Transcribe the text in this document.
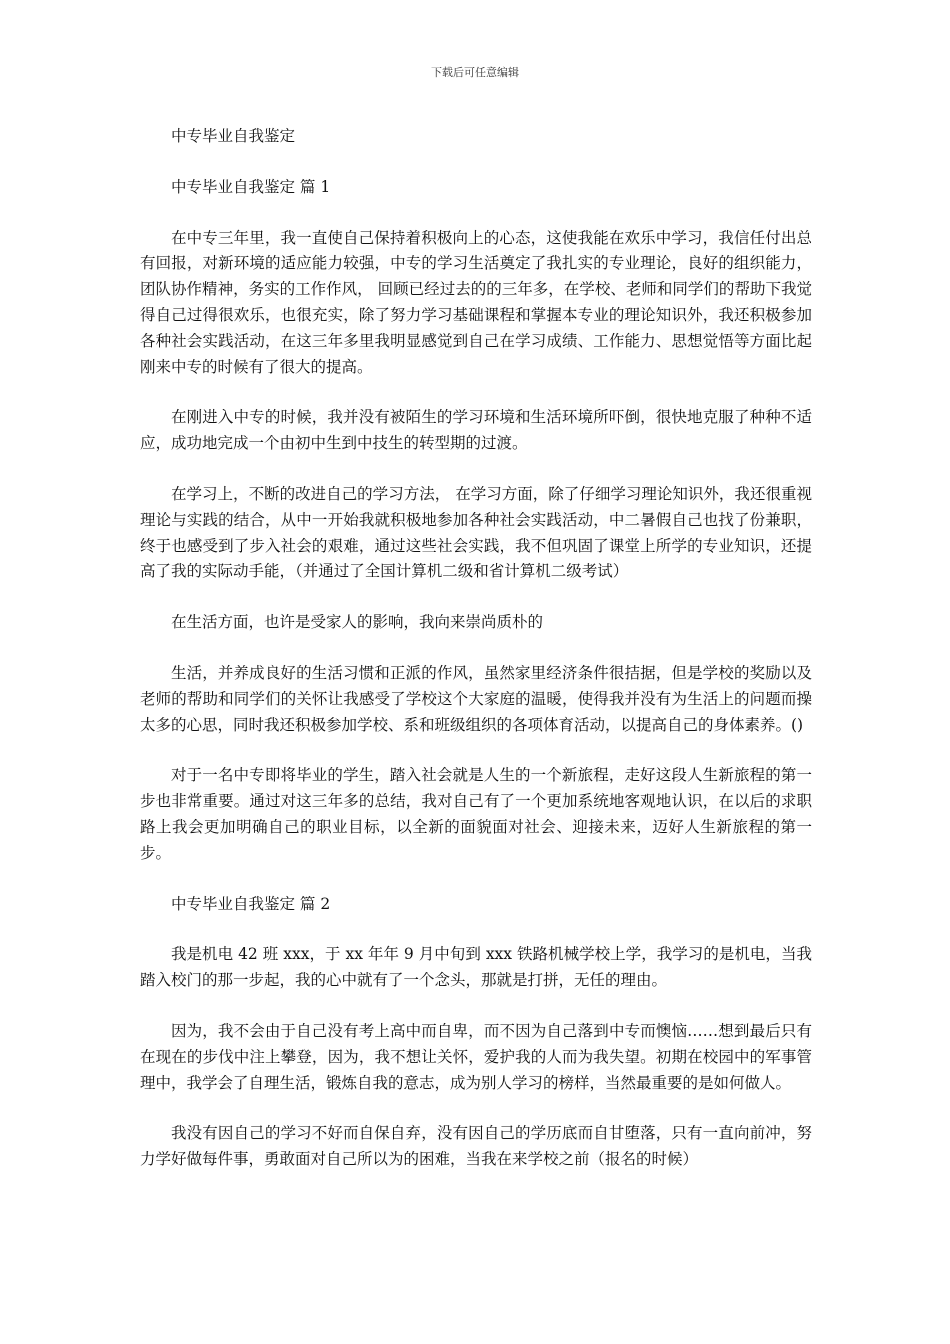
下载后可任意编辑

中专毕业自我鉴定

中专毕业自我鉴定 篇 1

在中专三年里，我一直使自己保持着积极向上的心态，这使我能在欢乐中学习，我信任付出总有回报，对新环境的适应能力较强，中专的学习生活奠定了我扎实的专业理论，良好的组织能力，团队协作精神，务实的工作作风， 回顾已经过去的的三年多，在学校、老师和同学们的帮助下我觉得自己过得很欢乐，也很充实，除了努力学习基础课程和掌握本专业的理论知识外，我还积极参加各种社会实践活动，在这三年多里我明显感觉到自己在学习成绩、工作能力、思想觉悟等方面比起刚来中专的时候有了很大的提高。

在刚进入中专的时候，我并没有被陌生的学习环境和生活环境所吓倒，很快地克服了种种不适应，成功地完成一个由初中生到中技生的转型期的过渡。

在学习上，不断的改进自己的学习方法， 在学习方面，除了仔细学习理论知识外，我还很重视理论与实践的结合，从中一开始我就积极地参加各种社会实践活动，中二暑假自己也找了份兼职，终于也感受到了步入社会的艰难，通过这些社会实践，我不但巩固了课堂上所学的专业知识，还提高了我的实际动手能，（并通过了全国计算机二级和省计算机二级考试）

在生活方面，也许是受家人的影响，我向来崇尚质朴的

生活，并养成良好的生活习惯和正派的作风，虽然家里经济条件很拮据，但是学校的奖励以及老师的帮助和同学们的关怀让我感受了学校这个大家庭的温暖，使得我并没有为生活上的问题而操太多的心思，同时我还积极参加学校、系和班级组织的各项体育活动，以提高自己的身体素养。()

对于一名中专即将毕业的学生，踏入社会就是人生的一个新旅程，走好这段人生新旅程的第一步也非常重要。通过对这三年多的总结，我对自己有了一个更加系统地客观地认识，在以后的求职路上我会更加明确自己的职业目标，以全新的面貌面对社会、迎接未来，迈好人生新旅程的第一步。

中专毕业自我鉴定 篇 2

我是机电 42 班 xxx，于 xx 年年 9 月中旬到 xxx 铁路机械学校上学，我学习的是机电，当我踏入校门的那一步起，我的心中就有了一个念头，那就是打拼，无任的理由。

因为，我不会由于自己没有考上高中而自卑，而不因为自己落到中专而懊恼……想到最后只有在现在的步伐中注上攀登，因为，我不想让关怀，爱护我的人而为我失望。初期在校园中的军事管理中，我学会了自理生活，锻炼自我的意志，成为别人学习的榜样，当然最重要的是如何做人。

我没有因自己的学习不好而自保自弃，没有因自己的学历底而自甘堕落，只有一直向前冲，努力学好做每件事，勇敢面对自己所以为的困难，当我在来学校之前（报名的时候）
